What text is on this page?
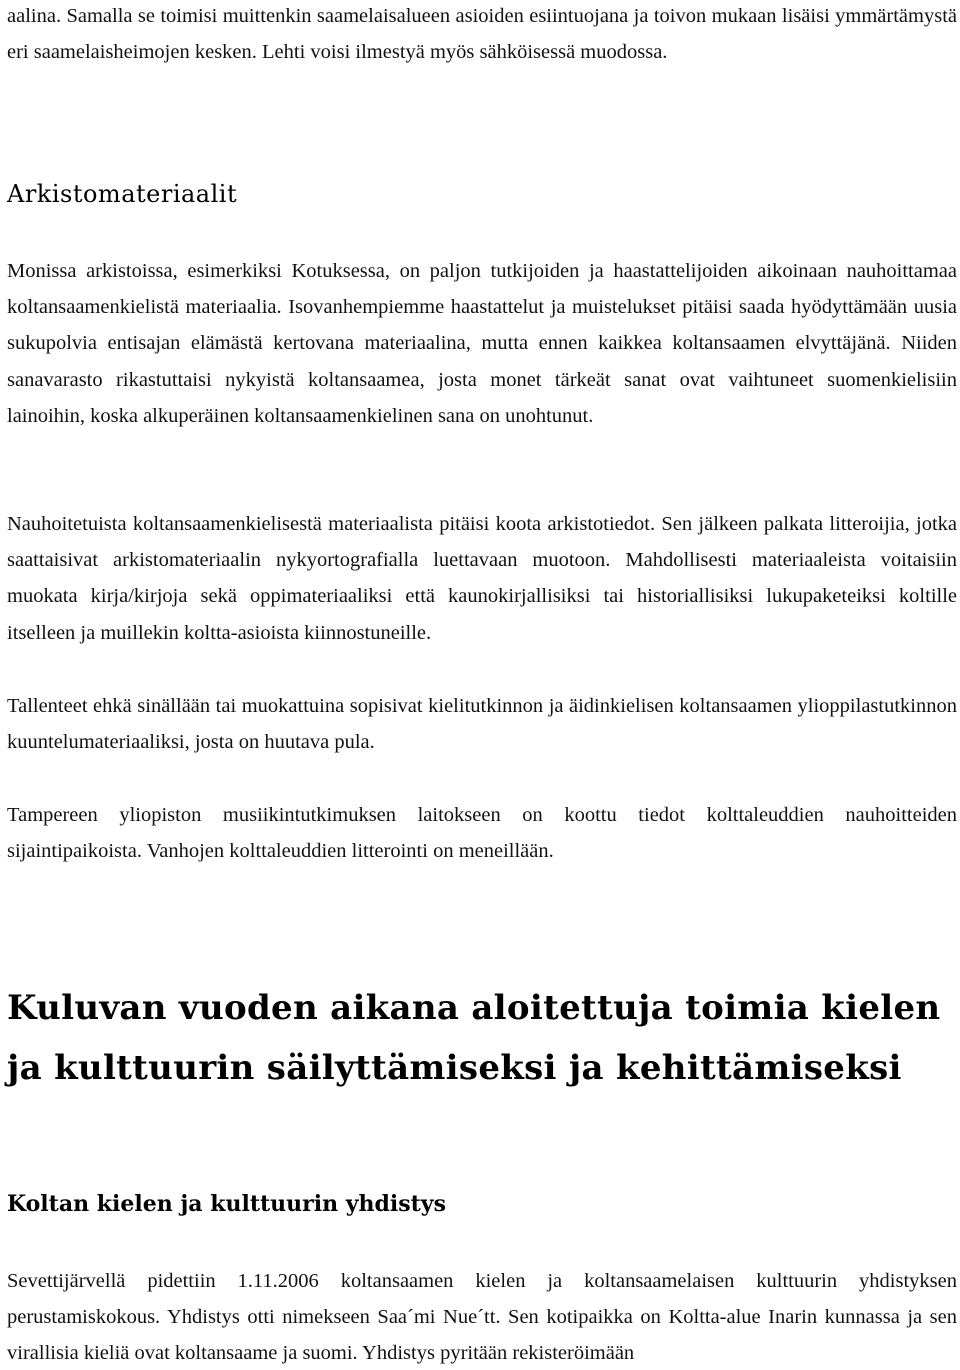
aalina. Samalla se toimisi muittenkin saamelaisalueen asioiden esiintuojana ja toivon mukaan lisäisi ymmärtämystä eri saamelaisheimojen kesken. Lehti voisi ilmestyä myös sähköisessä muodossa.

Arkistomateriaalit

Monissa arkistoissa, esimerkiksi Kotuksessa, on paljon tutkijoiden ja haastattelijoiden aikoinaan nauhoittamaa koltansaamenkielistä materiaalia. Isovanhempiemme haastattelut ja muistelukset pitäisi saada hyödyttämään uusia sukupolvia entisajan elämästä kertovana materiaalina, mutta ennen kaikkea koltansaamen elvyttäjänä. Niiden sanavarasto rikastuttaisi nykyistä koltansaamea, josta monet tärkeät sanat ovat vaihtuneet suomenkielisiin lainoihin, koska alkuperäinen koltansaamenkielinen sana on unohtunut.

Nauhoitetuista koltansaamenkielisestä materiaalista pitäisi koota arkistotiedot. Sen jälkeen palkata litteroijia, jotka saattaisivat arkistomateriaalin nykyortografialla luettavaan muotoon. Mahdollisesti materiaaleista voitaisiin muokata kirja/kirjoja sekä oppimateriaaliksi että kaunokirjallisiksi tai historiallisiksi lukupaketeiksi koltille itselleen ja muillekin koltta-asioista kiinnostuneille.

Tallenteet ehkä sinällään tai muokattuina sopisivat kielitutkinnon ja äidinkielisen koltansaamen ylioppilastutkinnon kuuntelumateriaaliksi, josta on huutava pula.

Tampereen yliopiston musiikintutkimuksen laitokseen on koottu tiedot kolttaleuddien nauhoitteiden sijaintipaikoista. Vanhojen kolttaleuddien litterointi on meneillään.

Kuluvan vuoden aikana aloitettuja toimia kielen ja kulttuurin säilyttämiseksi ja kehittämiseksi
Koltan kielen ja kulttuurin yhdistys

Sevettijärvellä pidettiin 1.11.2006 koltansaamen kielen ja koltansaamelaisen kulttuurin yhdistyksen perustamiskokous. Yhdistys otti nimekseen Saa´mi Nue´tt. Sen kotipaikka on Koltta-alue Inarin kunnassa ja sen virallisia kieliä ovat koltansaame ja suomi. Yhdistys pyritään rekisteröimään
